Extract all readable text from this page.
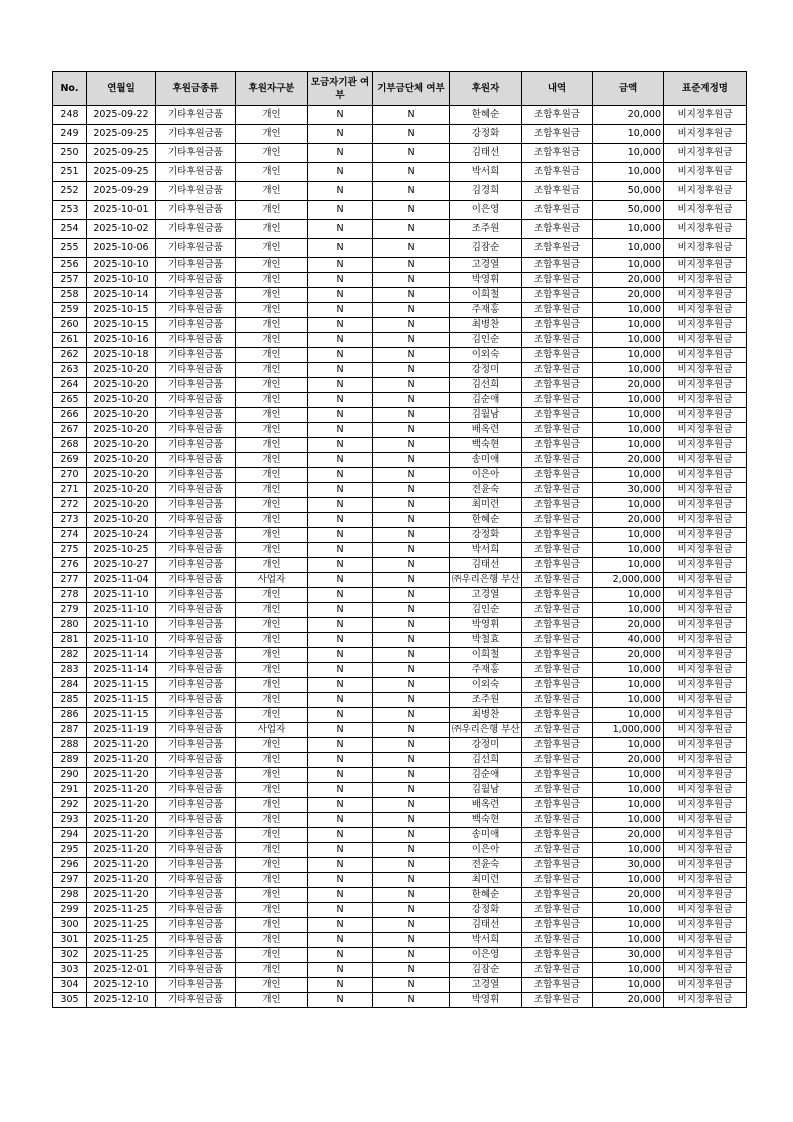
No.	연월일	후원금종류	후원자구분	모금자기관 여부	기부금단체 여부	후원자	내역	금액	표준계정명
248	2025-09-22	기타후원금품	개인	N	N	한혜순	조합후원금	20,000	비지정후원금
249	2025-09-25	기타후원금품	개인	N	N	강정화	조합후원금	10,000	비지정후원금
250	2025-09-25	기타후원금품	개인	N	N	김태선	조합후원금	10,000	비지정후원금
251	2025-09-25	기타후원금품	개인	N	N	박서희	조합후원금	10,000	비지정후원금
252	2025-09-29	기타후원금품	개인	N	N	김경희	조합후원금	50,000	비지정후원금
253	2025-10-01	기타후원금품	개인	N	N	이은영	조합후원금	50,000	비지정후원금
254	2025-10-02	기타후원금품	개인	N	N	조주원	조합후원금	10,000	비지정후원금
255	2025-10-06	기타후원금품	개인	N	N	김잠순	조합후원금	10,000	비지정후원금
256	2025-10-10	기타후원금품	개인	N	N	고경열	조합후원금	10,000	비지정후원금
257	2025-10-10	기타후원금품	개인	N	N	박영휘	조합후원금	20,000	비지정후원금
258	2025-10-14	기타후원금품	개인	N	N	이희철	조합후원금	20,000	비지정후원금
259	2025-10-15	기타후원금품	개인	N	N	주재홍	조합후원금	10,000	비지정후원금
260	2025-10-15	기타후원금품	개인	N	N	최병찬	조합후원금	10,000	비지정후원금
261	2025-10-16	기타후원금품	개인	N	N	김인순	조합후원금	10,000	비지정후원금
262	2025-10-18	기타후원금품	개인	N	N	이외숙	조합후원금	10,000	비지정후원금
263	2025-10-20	기타후원금품	개인	N	N	강정미	조합후원금	10,000	비지정후원금
264	2025-10-20	기타후원금품	개인	N	N	김선희	조합후원금	20,000	비지정후원금
265	2025-10-20	기타후원금품	개인	N	N	김순애	조합후원금	10,000	비지정후원금
266	2025-10-20	기타후원금품	개인	N	N	김월남	조합후원금	10,000	비지정후원금
267	2025-10-20	기타후원금품	개인	N	N	배옥련	조합후원금	10,000	비지정후원금
268	2025-10-20	기타후원금품	개인	N	N	백숙현	조합후원금	10,000	비지정후원금
269	2025-10-20	기타후원금품	개인	N	N	송미애	조합후원금	20,000	비지정후원금
270	2025-10-20	기타후원금품	개인	N	N	이은아	조합후원금	10,000	비지정후원금
271	2025-10-20	기타후원금품	개인	N	N	전윤숙	조합후원금	30,000	비지정후원금
272	2025-10-20	기타후원금품	개인	N	N	최미련	조합후원금	10,000	비지정후원금
273	2025-10-20	기타후원금품	개인	N	N	한혜순	조합후원금	20,000	비지정후원금
274	2025-10-24	기타후원금품	개인	N	N	강정화	조합후원금	10,000	비지정후원금
275	2025-10-25	기타후원금품	개인	N	N	박서희	조합후원금	10,000	비지정후원금
276	2025-10-27	기타후원금품	개인	N	N	김태선	조합후원금	10,000	비지정후원금
277	2025-11-04	기타후원금품	사업자	N	N	㈜우리은행 부산	조합후원금	2,000,000	비지정후원금
278	2025-11-10	기타후원금품	개인	N	N	고경열	조합후원금	10,000	비지정후원금
279	2025-11-10	기타후원금품	개인	N	N	김인순	조합후원금	10,000	비지정후원금
280	2025-11-10	기타후원금품	개인	N	N	박영휘	조합후원금	20,000	비지정후원금
281	2025-11-10	기타후원금품	개인	N	N	박철효	조합후원금	40,000	비지정후원금
282	2025-11-14	기타후원금품	개인	N	N	이희철	조합후원금	20,000	비지정후원금
283	2025-11-14	기타후원금품	개인	N	N	주재홍	조합후원금	10,000	비지정후원금
284	2025-11-15	기타후원금품	개인	N	N	이외숙	조합후원금	10,000	비지정후원금
285	2025-11-15	기타후원금품	개인	N	N	조주원	조합후원금	10,000	비지정후원금
286	2025-11-15	기타후원금품	개인	N	N	최병찬	조합후원금	10,000	비지정후원금
287	2025-11-19	기타후원금품	사업자	N	N	㈜우리은행 부산	조합후원금	1,000,000	비지정후원금
288	2025-11-20	기타후원금품	개인	N	N	강정미	조합후원금	10,000	비지정후원금
289	2025-11-20	기타후원금품	개인	N	N	김선희	조합후원금	20,000	비지정후원금
290	2025-11-20	기타후원금품	개인	N	N	김순애	조합후원금	10,000	비지정후원금
291	2025-11-20	기타후원금품	개인	N	N	김월남	조합후원금	10,000	비지정후원금
292	2025-11-20	기타후원금품	개인	N	N	배옥련	조합후원금	10,000	비지정후원금
293	2025-11-20	기타후원금품	개인	N	N	백숙현	조합후원금	10,000	비지정후원금
294	2025-11-20	기타후원금품	개인	N	N	송미애	조합후원금	20,000	비지정후원금
295	2025-11-20	기타후원금품	개인	N	N	이은아	조합후원금	10,000	비지정후원금
296	2025-11-20	기타후원금품	개인	N	N	전윤숙	조합후원금	30,000	비지정후원금
297	2025-11-20	기타후원금품	개인	N	N	최미련	조합후원금	10,000	비지정후원금
298	2025-11-20	기타후원금품	개인	N	N	한혜순	조합후원금	20,000	비지정후원금
299	2025-11-25	기타후원금품	개인	N	N	강정화	조합후원금	10,000	비지정후원금
300	2025-11-25	기타후원금품	개인	N	N	김태선	조합후원금	10,000	비지정후원금
301	2025-11-25	기타후원금품	개인	N	N	박서희	조합후원금	10,000	비지정후원금
302	2025-11-25	기타후원금품	개인	N	N	이은영	조합후원금	30,000	비지정후원금
303	2025-12-01	기타후원금품	개인	N	N	김잠순	조합후원금	10,000	비지정후원금
304	2025-12-10	기타후원금품	개인	N	N	고경열	조합후원금	10,000	비지정후원금
305	2025-12-10	기타후원금품	개인	N	N	박영휘	조합후원금	20,000	비지정후원금
